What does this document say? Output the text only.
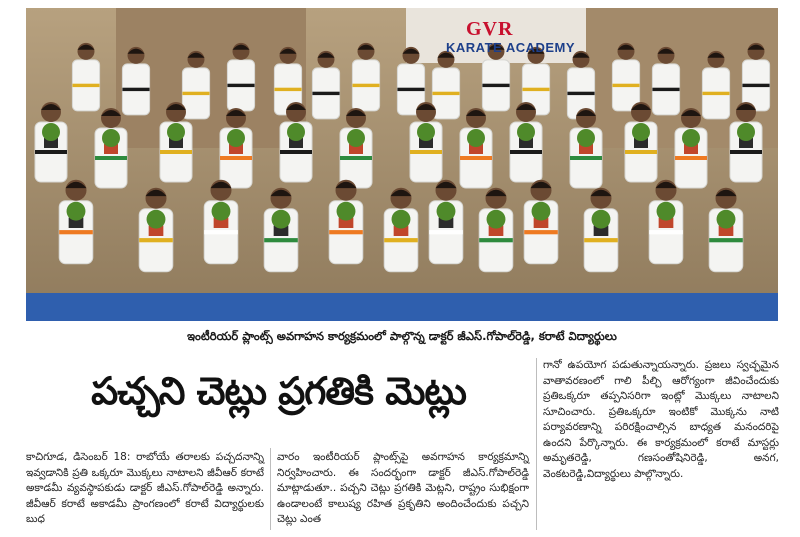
GVR
KARATE ACADEMY
ఇంటీరియర్ ప్లాంట్స్ అవగాహన కార్యక్రమంలో పాల్గొన్న డాక్టర్ జీఎస్.గోపాల్‌రెడ్డి, కరాటే విద్యార్థులు
పచ్చని చెట్లు ప్రగతికి మెట్లు

కాచిగూడ, డిసెంబర్ 18: రాబోయే తరాలకు పచ్చదనాన్ని ఇవ్వడానికి ప్రతి ఒక్కరూ మొక్కలు నాటాలని జీవీఆర్ కరాటే అకాడమీ వ్యవస్థాపకుడు డాక్టర్ జీఎస్.గోపాల్‌రెడ్డి అన్నారు. జీవీఆర్ కరాటే అకాడమీ ప్రాంగణంలో కరాటే విద్యార్థులకు బుధ

వారం ఇంటీరియర్ ప్లాంట్స్‌పై అవగాహన కార్యక్రమాన్ని నిర్వహించారు. ఈ సందర్భంగా డాక్టర్ జీఎస్.గోపాల్‌రెడ్డి మాట్లాడుతూ.. పచ్చని చెట్లు ప్రగతికి మెట్లని, రాష్ట్రం సుభిక్షంగా ఉండాలంటే కాలుష్య రహిత ప్రకృతిని అందించేందుకు పచ్చని చెట్లు ఎంత

గానో ఉపయోగ పడుతున్నాయన్నారు. ప్రజలు స్వచ్ఛమైన వాతావరణంలో గాలి పీల్చి ఆరోగ్యంగా జీవించేందుకు ప్రతిఒక్కరూ తప్పనిసరిగా ఇంట్లో మొక్కలు నాటాలని సూచించారు. ప్రతిఒక్కరూ ఇంటికో మొక్కను నాటి పర్యావరణాన్ని పరిరక్షించాల్సిన బాధ్యత మనందరిపై ఉందని పేర్కొన్నారు. ఈ కార్యక్రమంలో కరాటే మాస్టర్లు అమృతరెడ్డి, గణసంతోషినిరెడ్డి, అనగ, వెంకటరెడ్డి,విద్యార్థులు పాల్గొన్నారు.
